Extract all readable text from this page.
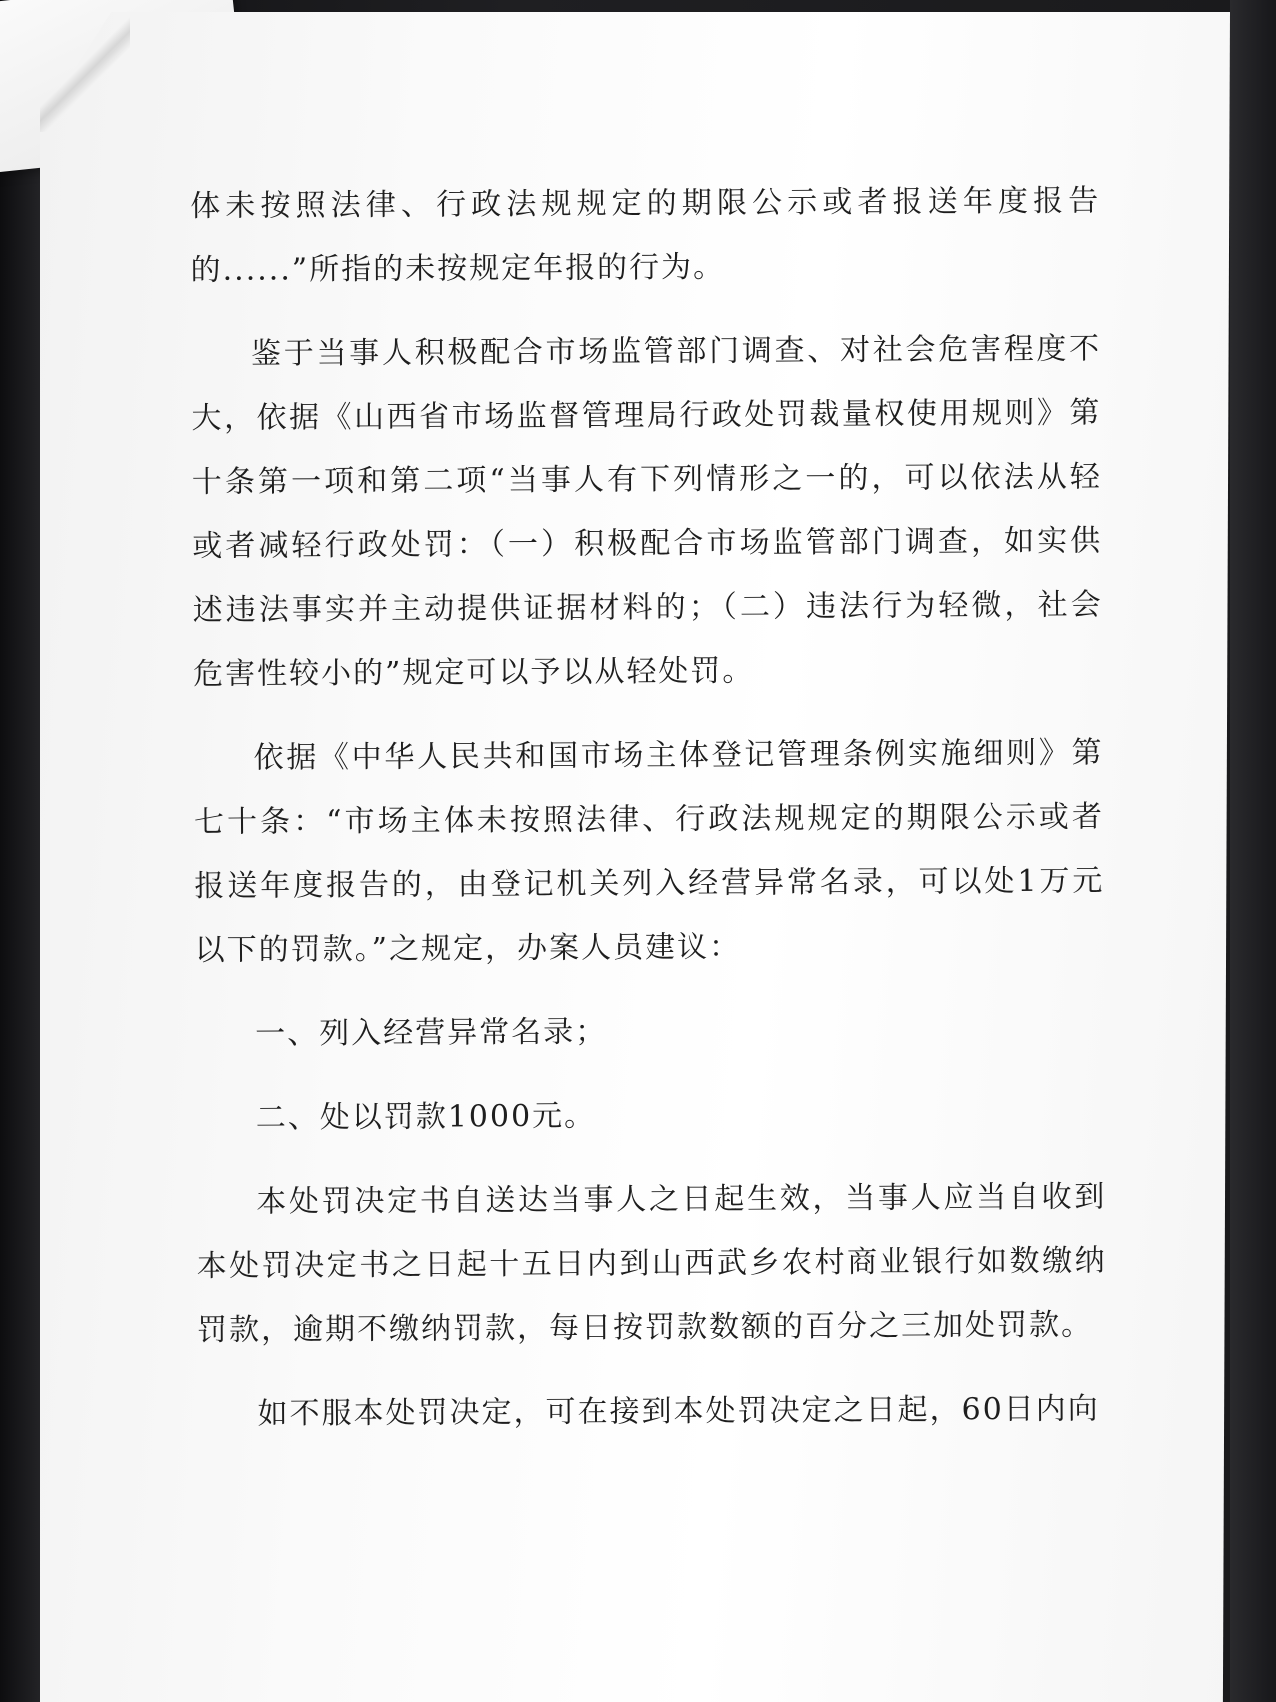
体未按照法律、行政法规规定的期限公示或者报送年度报告的......”所指的未按规定年报的行为。

鉴于当事人积极配合市场监管部门调查、对社会危害程度不大，依据《山西省市场监督管理局行政处罚裁量权使用规则》第十条第一项和第二项“当事人有下列情形之一的，可以依法从轻或者减轻行政处罚：（一）积极配合市场监管部门调查，如实供述违法事实并主动提供证据材料的；（二）违法行为轻微，社会危害性较小的”规定可以予以从轻处罚。

依据《中华人民共和国市场主体登记管理条例实施细则》第七十条：“市场主体未按照法律、行政法规规定的期限公示或者报送年度报告的，由登记机关列入经营异常名录，可以处1万元以下的罚款。”之规定，办案人员建议：

一、列入经营异常名录；

二、处以罚款1000元。

本处罚决定书自送达当事人之日起生效，当事人应当自收到本处罚决定书之日起十五日内到山西武乡农村商业银行如数缴纳罚款，逾期不缴纳罚款，每日按罚款数额的百分之三加处罚款。

如不服本处罚决定，可在接到本处罚决定之日起，60日内向
